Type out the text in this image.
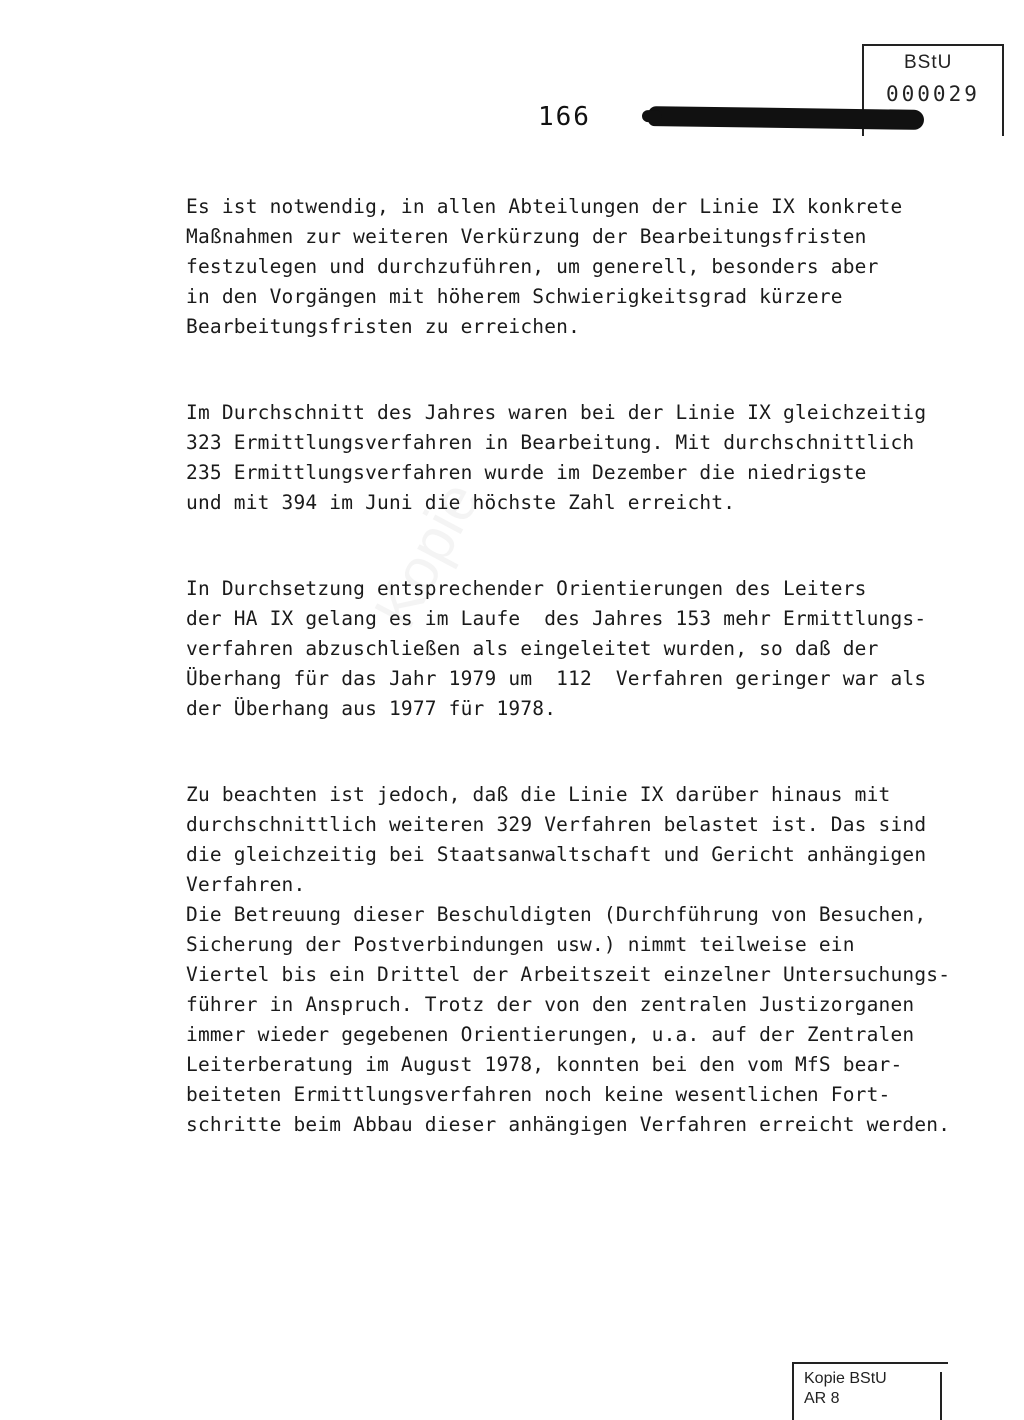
BStU
000029
166
Es ist notwendig, in allen Abteilungen der Linie IX konkrete
Maßnahmen zur weiteren Verkürzung der Bearbeitungsfristen
festzulegen und durchzuführen, um generell, besonders aber
in den Vorgängen mit höherem Schwierigkeitsgrad kürzere
Bearbeitungsfristen zu erreichen.
Im Durchschnitt des Jahres waren bei der Linie IX gleichzeitig
323 Ermittlungsverfahren in Bearbeitung. Mit durchschnittlich
235 Ermittlungsverfahren wurde im Dezember die niedrigste
und mit 394 im Juni die höchste Zahl erreicht.
In Durchsetzung entsprechender Orientierungen des Leiters
der HA IX gelang es im Laufe  des Jahres 153 mehr Ermittlungs-
verfahren abzuschließen als eingeleitet wurden, so daß der
Überhang für das Jahr 1979 um  112  Verfahren geringer war als
der Überhang aus 1977 für 1978.
Zu beachten ist jedoch, daß die Linie IX darüber hinaus mit
durchschnittlich weiteren 329 Verfahren belastet ist. Das sind
die gleichzeitig bei Staatsanwaltschaft und Gericht anhängigen
Verfahren.
Die Betreuung dieser Beschuldigten (Durchführung von Besuchen,
Sicherung der Postverbindungen usw.) nimmt teilweise ein
Viertel bis ein Drittel der Arbeitszeit einzelner Untersuchungs-
führer in Anspruch. Trotz der von den zentralen Justizorganen
immer wieder gegebenen Orientierungen, u.a. auf der Zentralen
Leiterberatung im August 1978, konnten bei den vom MfS bear-
beiteten Ermittlungsverfahren noch keine wesentlichen Fort-
schritte beim Abbau dieser anhängigen Verfahren erreicht werden.
Kopie BStU
AR 8
